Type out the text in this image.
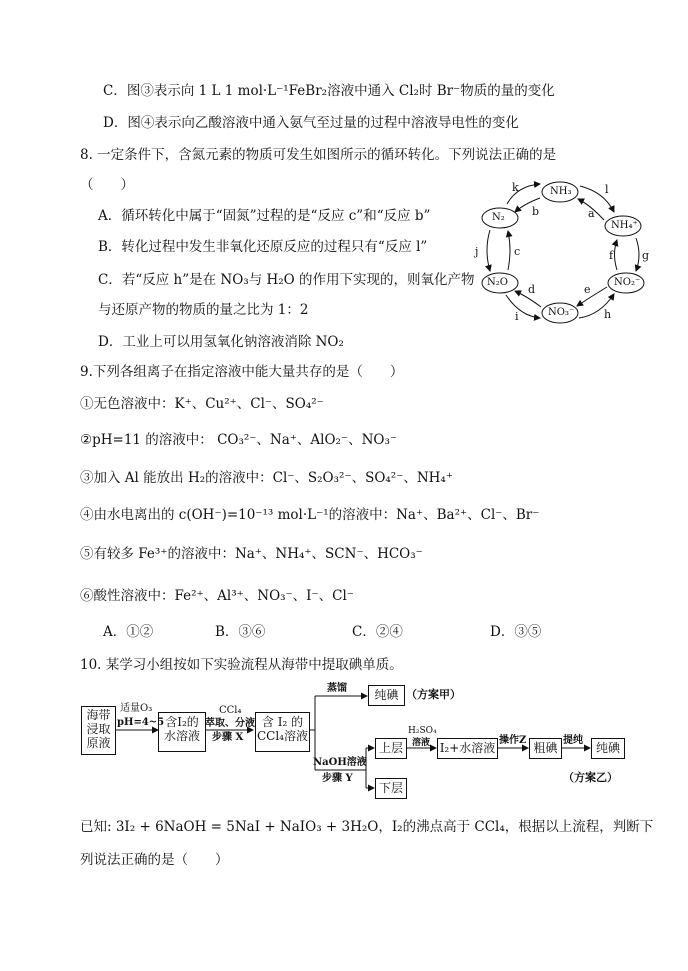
C．图③表示向 1 L 1 mol·L⁻¹FeBr₂溶液中通入 Cl₂时 Br⁻物质的量的变化
D．图④表示向乙酸溶液中通入氨气至过量的过程中溶液导电性的变化
8. 一定条件下，含氮元素的物质可发生如图所示的循环转化。下列说法正确的是
（　　）
A．循环转化中属于“固氮”过程的是“反应 c”和“反应 b”
B．转化过程中发生非氧化还原反应的过程只有“反应 l”
C．若“反应 h”是在 NO₃与 H₂O 的作用下实现的，则氧化产物
与还原产物的物质的量之比为 1：2
D．工业上可以用氢氧化钠溶液消除 NO₂
NH₃
NH₄⁺
NO₂⁻
NO₃⁻
N₂O
N₂
k	l
b	a
f	g
c
j
d	e
i	h
9.下列各组离子在指定溶液中能大量共存的是（　　）
①无色溶液中：K⁺、Cu²⁺、Cl⁻、SO₄²⁻
②pH=11 的溶液中： CO₃²⁻、Na⁺、AlO₂⁻、NO₃⁻
③加入 Al 能放出 H₂的溶液中：Cl⁻、S₂O₃²⁻、SO₄²⁻、NH₄⁺
④由水电离出的 c(OH⁻)=10⁻¹³ mol·L⁻¹的溶液中：Na⁺、Ba²⁺、Cl⁻、Br⁻
⑤有较多 Fe³⁺的溶液中：Na⁺、NH₄⁺、SCN⁻、HCO₃⁻
⑥酸性溶液中：Fe²⁺、Al³⁺、NO₃⁻、I⁻、Cl⁻
A．①②	B．③⑥	C．②④	D．③⑤
10. 某学习小组按如下实验流程从海带中提取碘单质。
海带
浸取
原液
含I₂的
水溶液
含 I₂ 的
CCl₄溶液
纯碘
上层
下层
I₂+水溶液	粗碘	纯碘
适量O₃
pH=4~5
CCl₄
萃取、分液
步骤 X
蒸馏	（方案甲）
NaOH溶液
步骤 Y
H₂SO₄
溶液	操作Z	提纯
（方案乙）
已知: 3I₂ + 6NaOH = 5NaI + NaIO₃ + 3H₂O，I₂的沸点高于 CCl₄，根据以上流程，判断下
列说法正确的是（　　）
